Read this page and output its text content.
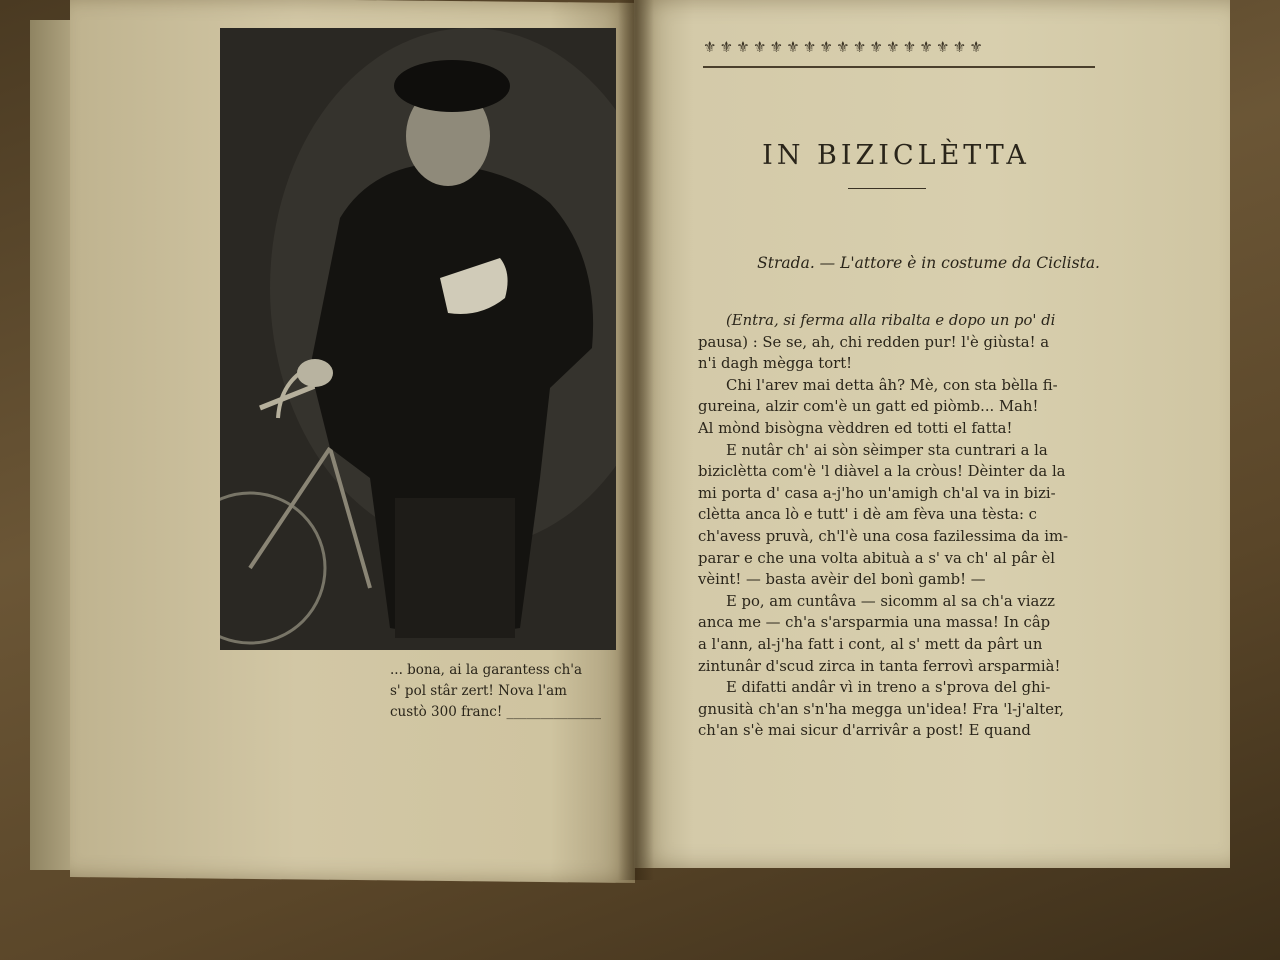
... bona, ai la garantess ch'a
s' pol stâr zert! Nova l'am
custò 300 franc! ______________
⚜⚜⚜⚜⚜⚜⚜⚜⚜⚜⚜⚜⚜⚜⚜⚜⚜
IN BIZICLÈTTA
Strada. — L'attore è in costume da Ciclista.
(Entra, si ferma alla ribalta e dopo un po' di
pausa) : Se se, ah, chi redden pur! l'è giùsta! a
n'i dagh mègga tort!
Chi l'arev mai detta âh? Mè, con sta bèlla fi-
gureina, alzir com'è un gatt ed piòmb... Mah!
Al mònd bisògna vèddren ed totti el fatta!
E nutâr ch' ai sòn sèimper sta cuntrari a la
biziclètta com'è 'l diàvel a la cròus! Dèinter da la
mi porta d' casa a-j'ho un'amigh ch'al va in bizi-
clètta anca lò e tutt' i dè am fèva una tèsta: c
ch'avess pruvà, ch'l'è una cosa fazilessima da im-
parar e che una volta abituà a s' va ch' al pâr èl
vèint! — basta avèir del bonì gamb! —
E po, am cuntâva — sicomm al sa ch'a viazz
anca me — ch'a s'arsparmia una massa! In câp
a l'ann, al-j'ha fatt i cont, al s' mett da pârt un
zintunâr d'scud zirca in tanta ferrovì arsparmià!
E difatti andâr vì in treno a s'prova del ghi-
gnusità ch'an s'n'ha megga un'idea! Fra 'l-j'alter,
ch'an s'è mai sicur d'arrivâr a post! E quand
